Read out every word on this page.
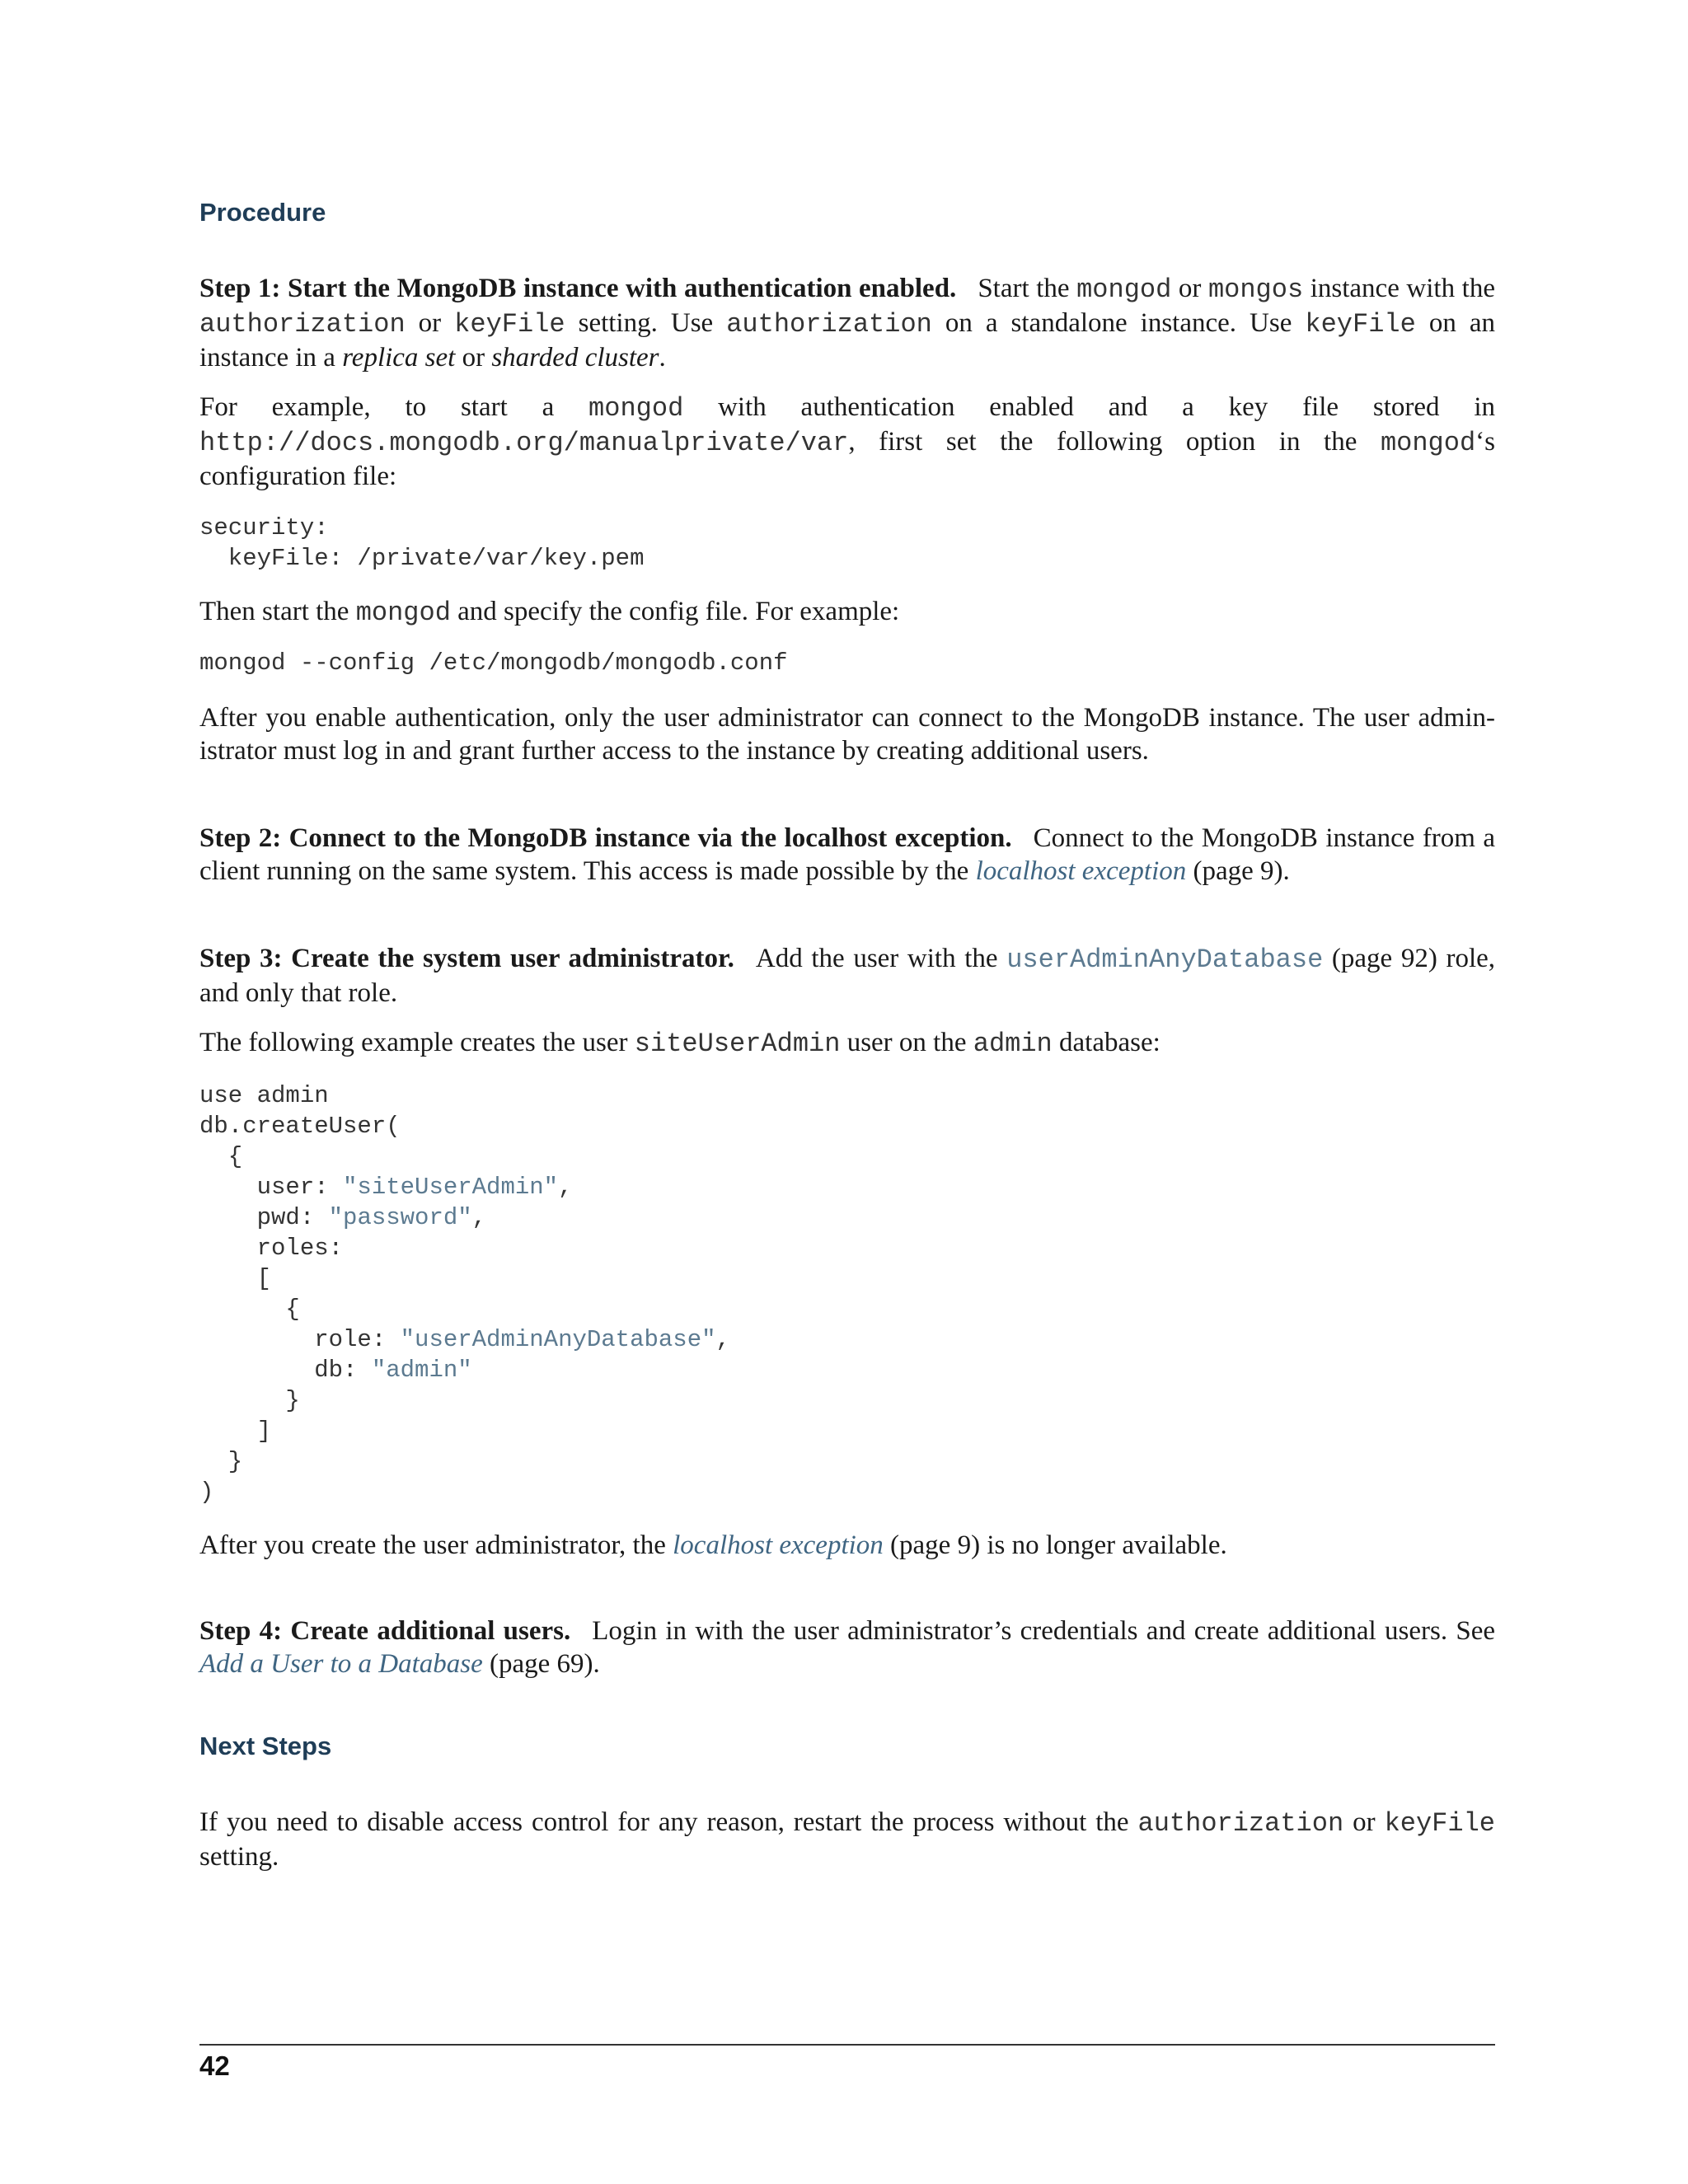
Procedure

Step 1: Start the MongoDB instance with authentication enabled. Start the mongod or mongos instance with the authorization or keyFile setting. Use authorization on a standalone instance. Use keyFile on an instance in a replica set or sharded cluster.

For example, to start a mongod with authentication enabled and a key file stored in http://docs.mongodb.org/manualprivate/var, first set the following option in the mongod‘s configuration file:

security:
keyFile: /private/var/key.pem

Then start the mongod and specify the config file. For example:

mongod --config /etc/mongodb/mongodb.conf

After you enable authentication, only the user administrator can connect to the MongoDB instance. The user admin-istrator must log in and grant further access to the instance by creating additional users.

Step 2: Connect to the MongoDB instance via the localhost exception. Connect to the MongoDB instance from a client running on the same system. This access is made possible by the localhost exception (page 9).

Step 3: Create the system user administrator. Add the user with the userAdminAnyDatabase (page 92) role, and only that role.

The following example creates the user siteUserAdmin user on the admin database:

use admin
db.createUser(
{
user: "siteUserAdmin",
pwd: "password",
roles:
[
{
role: "userAdminAnyDatabase",
db: "admin"
}
]
}
)

After you create the user administrator, the localhost exception (page 9) is no longer available.

Step 4: Create additional users. Login in with the user administrator’s credentials and create additional users. See Add a User to a Database (page 69).

Next Steps

If you need to disable access control for any reason, restart the process without the authorization or keyFile setting.

42
